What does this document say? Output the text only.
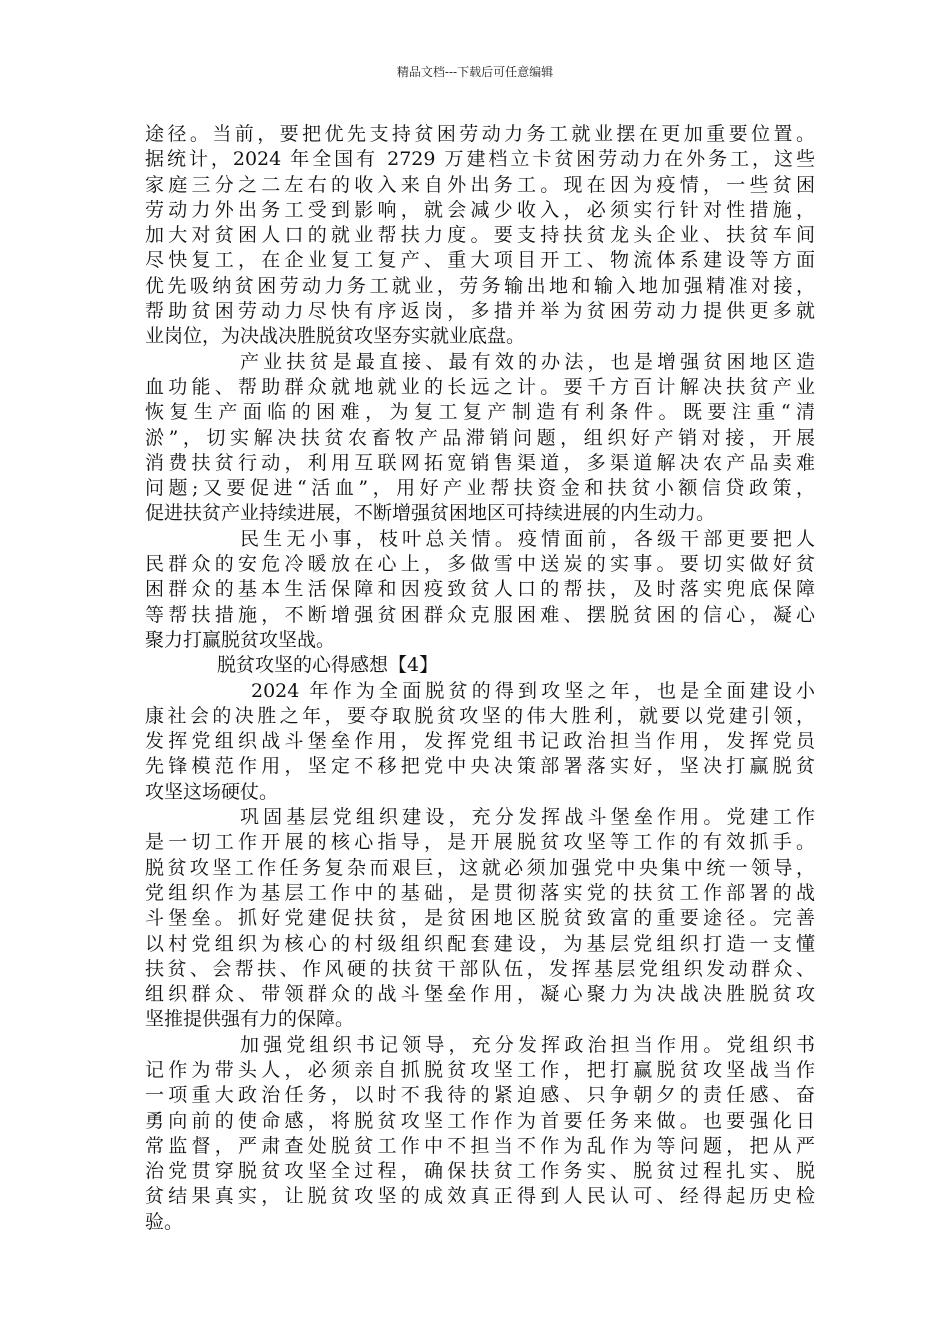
精品文档---下载后可任意编辑
途径。当前，要把优先支持贫困劳动力务工就业摆在更加重要位置。
据统计，2024 年全国有 2729 万建档立卡贫困劳动力在外务工，这些
家庭三分之二左右的收入来自外出务工。现在因为疫情，一些贫困
劳动力外出务工受到影响，就会减少收入，必须实行针对性措施，
加大对贫困人口的就业帮扶力度。要支持扶贫龙头企业、扶贫车间
尽快复工，在企业复工复产、重大项目开工、物流体系建设等方面
优先吸纳贫困劳动力务工就业，劳务输出地和输入地加强精准对接，
帮助贫困劳动力尽快有序返岗，多措并举为贫困劳动力提供更多就
业岗位，为决战决胜脱贫攻坚夯实就业底盘。
产业扶贫是最直接、最有效的办法，也是增强贫困地区造
血功能、帮助群众就地就业的长远之计。要千方百计解决扶贫产业
恢复生产面临的困难，为复工复产制造有利条件。既要注重“清
淤”，切实解决扶贫农畜牧产品滞销问题，组织好产销对接，开展
消费扶贫行动，利用互联网拓宽销售渠道，多渠道解决农产品卖难
问题;又要促进“活血”，用好产业帮扶资金和扶贫小额信贷政策，
促进扶贫产业持续进展，不断增强贫困地区可持续进展的内生动力。
民生无小事，枝叶总关情。疫情面前，各级干部更要把人
民群众的安危冷暖放在心上，多做雪中送炭的实事。要切实做好贫
困群众的基本生活保障和因疫致贫人口的帮扶，及时落实兜底保障
等帮扶措施，不断增强贫困群众克服困难、摆脱贫困的信心，凝心
聚力打赢脱贫攻坚战。
脱贫攻坚的心得感想【4】
2024 年作为全面脱贫的得到攻坚之年，也是全面建设小
康社会的决胜之年，要夺取脱贫攻坚的伟大胜利，就要以党建引领，
发挥党组织战斗堡垒作用，发挥党组书记政治担当作用，发挥党员
先锋模范作用，坚定不移把党中央决策部署落实好，坚决打赢脱贫
攻坚这场硬仗。
巩固基层党组织建设，充分发挥战斗堡垒作用。党建工作
是一切工作开展的核心指导，是开展脱贫攻坚等工作的有效抓手。
脱贫攻坚工作任务复杂而艰巨，这就必须加强党中央集中统一领导，
党组织作为基层工作中的基础，是贯彻落实党的扶贫工作部署的战
斗堡垒。抓好党建促扶贫，是贫困地区脱贫致富的重要途径。完善
以村党组织为核心的村级组织配套建设，为基层党组织打造一支懂
扶贫、会帮扶、作风硬的扶贫干部队伍，发挥基层党组织发动群众、
组织群众、带领群众的战斗堡垒作用，凝心聚力为决战决胜脱贫攻
坚推提供强有力的保障。
加强党组织书记领导，充分发挥政治担当作用。党组织书
记作为带头人，必须亲自抓脱贫攻坚工作，把打赢脱贫攻坚战当作
一项重大政治任务，以时不我待的紧迫感、只争朝夕的责任感、奋
勇向前的使命感，将脱贫攻坚工作作为首要任务来做。也要强化日
常监督，严肃查处脱贫工作中不担当不作为乱作为等问题，把从严
治党贯穿脱贫攻坚全过程，确保扶贫工作务实、脱贫过程扎实、脱
贫结果真实，让脱贫攻坚的成效真正得到人民认可、经得起历史检
验。
